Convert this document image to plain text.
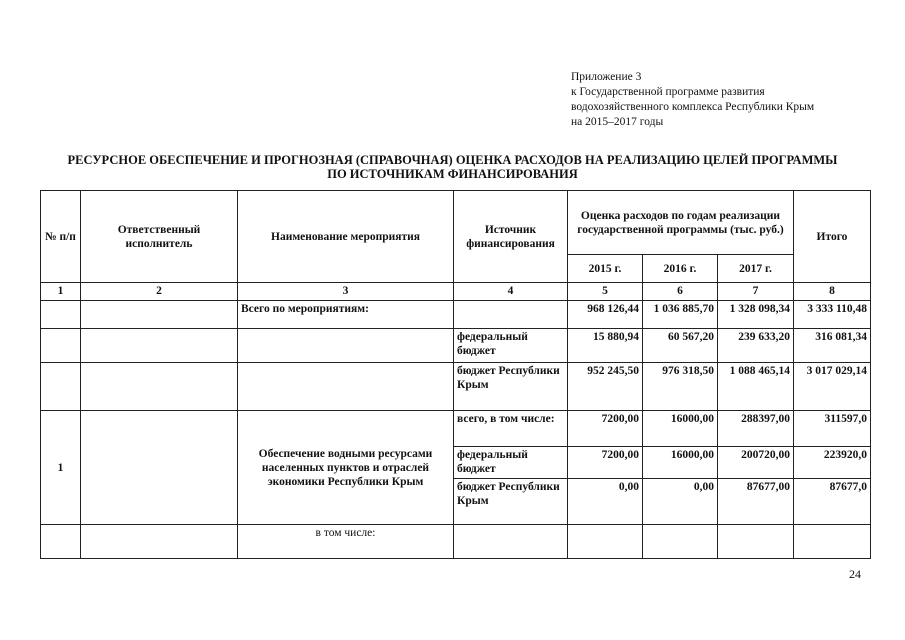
Приложение 3
к Государственной программе развития
водохозяйственного комплекса Республики Крым
на 2015–2017 годы
РЕСУРСНОЕ ОБЕСПЕЧЕНИЕ И ПРОГНОЗНАЯ (СПРАВОЧНАЯ) ОЦЕНКА РАСХОДОВ НА РЕАЛИЗАЦИЮ ЦЕЛЕЙ ПРОГРАММЫ
ПО ИСТОЧНИКАМ ФИНАНСИРОВАНИЯ
№ п/п	Ответственный исполнитель	Наименование мероприятия	Источник финансирования	Оценка расходов по годам реализации государственной программы (тыс. руб.)			Итого
				2015 г.	2016 г.	2017 г.	
1	2	3	4	5	6	7	8
		Всего по мероприятиям:		968 126,44	1 036 885,70	1 328 098,34	3 333 110,48
			федеральный бюджет	15 880,94	60 567,20	239 633,20	316 081,34
			бюджет Республики Крым	952 245,50	976 318,50	1 088 465,14	3 017 029,14
1		Обеспечение водными ресурсами населенных пунктов и отраслей экономики Республики Крым	всего, в том числе:	7200,00	16000,00	288397,00	311597,0
			федеральный бюджет	7200,00	16000,00	200720,00	223920,0
			бюджет Республики Крым	0,00	0,00	87677,00	87677,0
		в том числе:					
24
